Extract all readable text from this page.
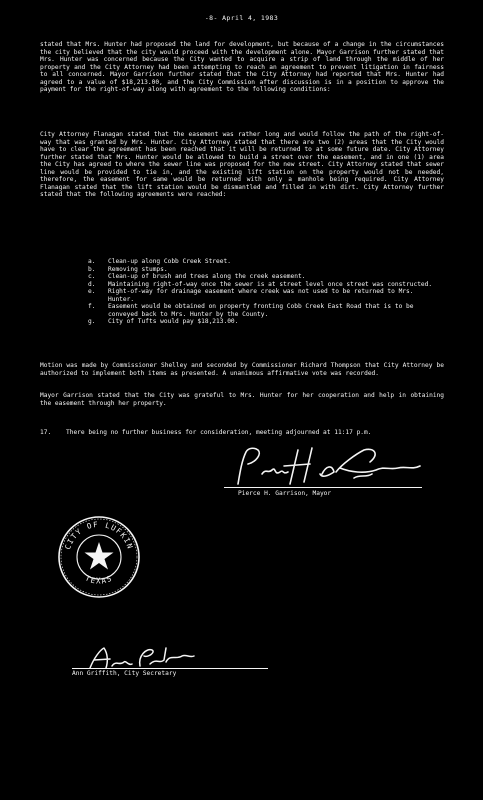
-8- April 4, 1983
stated that Mrs. Hunter had proposed the land for development, but because of a change in the circumstances the city believed that the city would proceed with the development alone. Mayor Garrison further stated that Mrs. Hunter was concerned because the City wanted to acquire a strip of land through the middle of her property and the City Attorney had been attempting to reach an agreement to prevent litigation in fairness to all concerned. Mayor Garrison further stated that the City Attorney had reported that Mrs. Hunter had agreed to a value of $18,213.00, and the City Commission after discussion is in a position to approve the payment for the right-of-way along with agreement to the following conditions:
City Attorney Flanagan stated that the easement was rather long and would follow the path of the right-of-way that was granted by Mrs. Hunter. City Attorney stated that there are two (2) areas that the City would have to clear the agreement has been reached that it will be returned to at some future date. City Attorney further stated that Mrs. Hunter would be allowed to build a street over the easement, and in one (1) area the City has agreed to where the sewer line was proposed for the new street. City Attorney stated that sewer line would be provided to tie in, and the existing lift station on the property would not be needed, therefore, the easement for same would be returned with only a manhole being required. City Attorney Flanagan stated that the lift station would be dismantled and filled in with dirt. City Attorney further stated that the following agreements were reached:
a. Clean-up along Cobb Creek Street.
b. Removing stumps.
c. Clean-up of brush and trees along the creek easement.
d. Maintaining right-of-way once the sewer is at street level once street was constructed.
e. Right-of-way for drainage easement where creek was not used to be returned to Mrs. Hunter.
f. Easement would be obtained on property fronting Cobb Creek East Road that is to be conveyed back to Mrs. Hunter by the County.
g. City of Tufts would pay $18,213.00.
Motion was made by Commissioner Shelley and seconded by Commissioner Richard Thompson that City Attorney be authorized to implement both items as presented. A unanimous affirmative vote was recorded.
Mayor Garrison stated that the City was grateful to Mrs. Hunter for her cooperation and help in obtaining the easement through her property.
17. There being no further business for consideration, meeting adjourned at 11:17 p.m.
Pierce H. Garrison, Mayor
CITY OF LUFKIN
TEXAS
Ann Griffith, City Secretary
